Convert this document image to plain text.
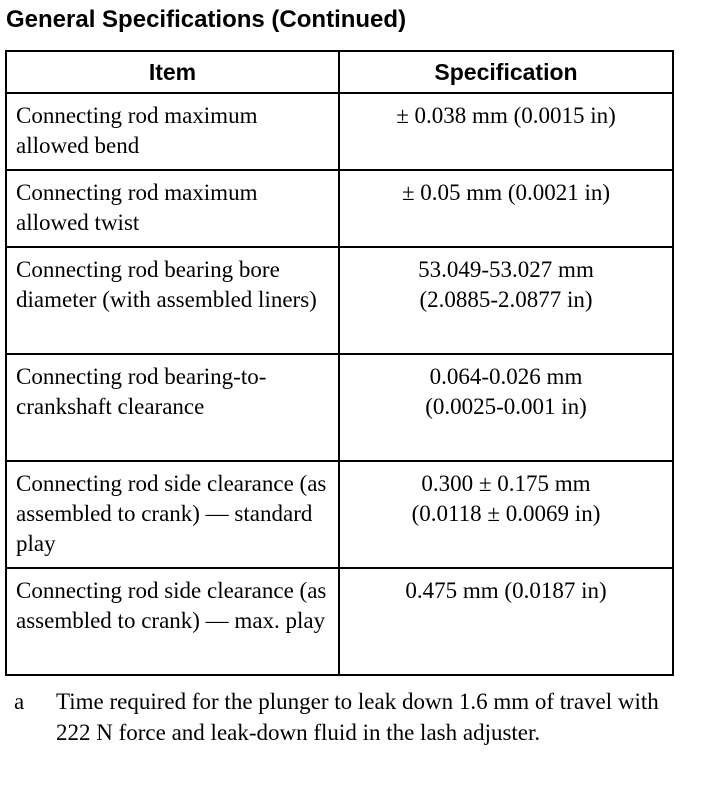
General Specifications (Continued)
Item	Specification
Connecting rod maximum allowed bend	± 0.038 mm (0.0015 in)

Connecting rod maximum allowed twist	± 0.05 mm (0.0021 in)

Connecting rod bearing bore diameter (with assembled liners)	53.049-53.027 mm
(2.0885-2.0877 in)

Connecting rod bearing-to-crankshaft clearance	0.064-0.026 mm
(0.0025-0.001 in)

Connecting rod side clearance (as assembled to crank) — standard play	0.300 ± 0.175 mm
(0.0118 ± 0.0069 in)

Connecting rod side clearance (as assembled to crank) — max. play	0.475 mm (0.0187 in)
a Time required for the plunger to leak down 1.6 mm of travel with 222 N force and leak-down fluid in the lash adjuster.
